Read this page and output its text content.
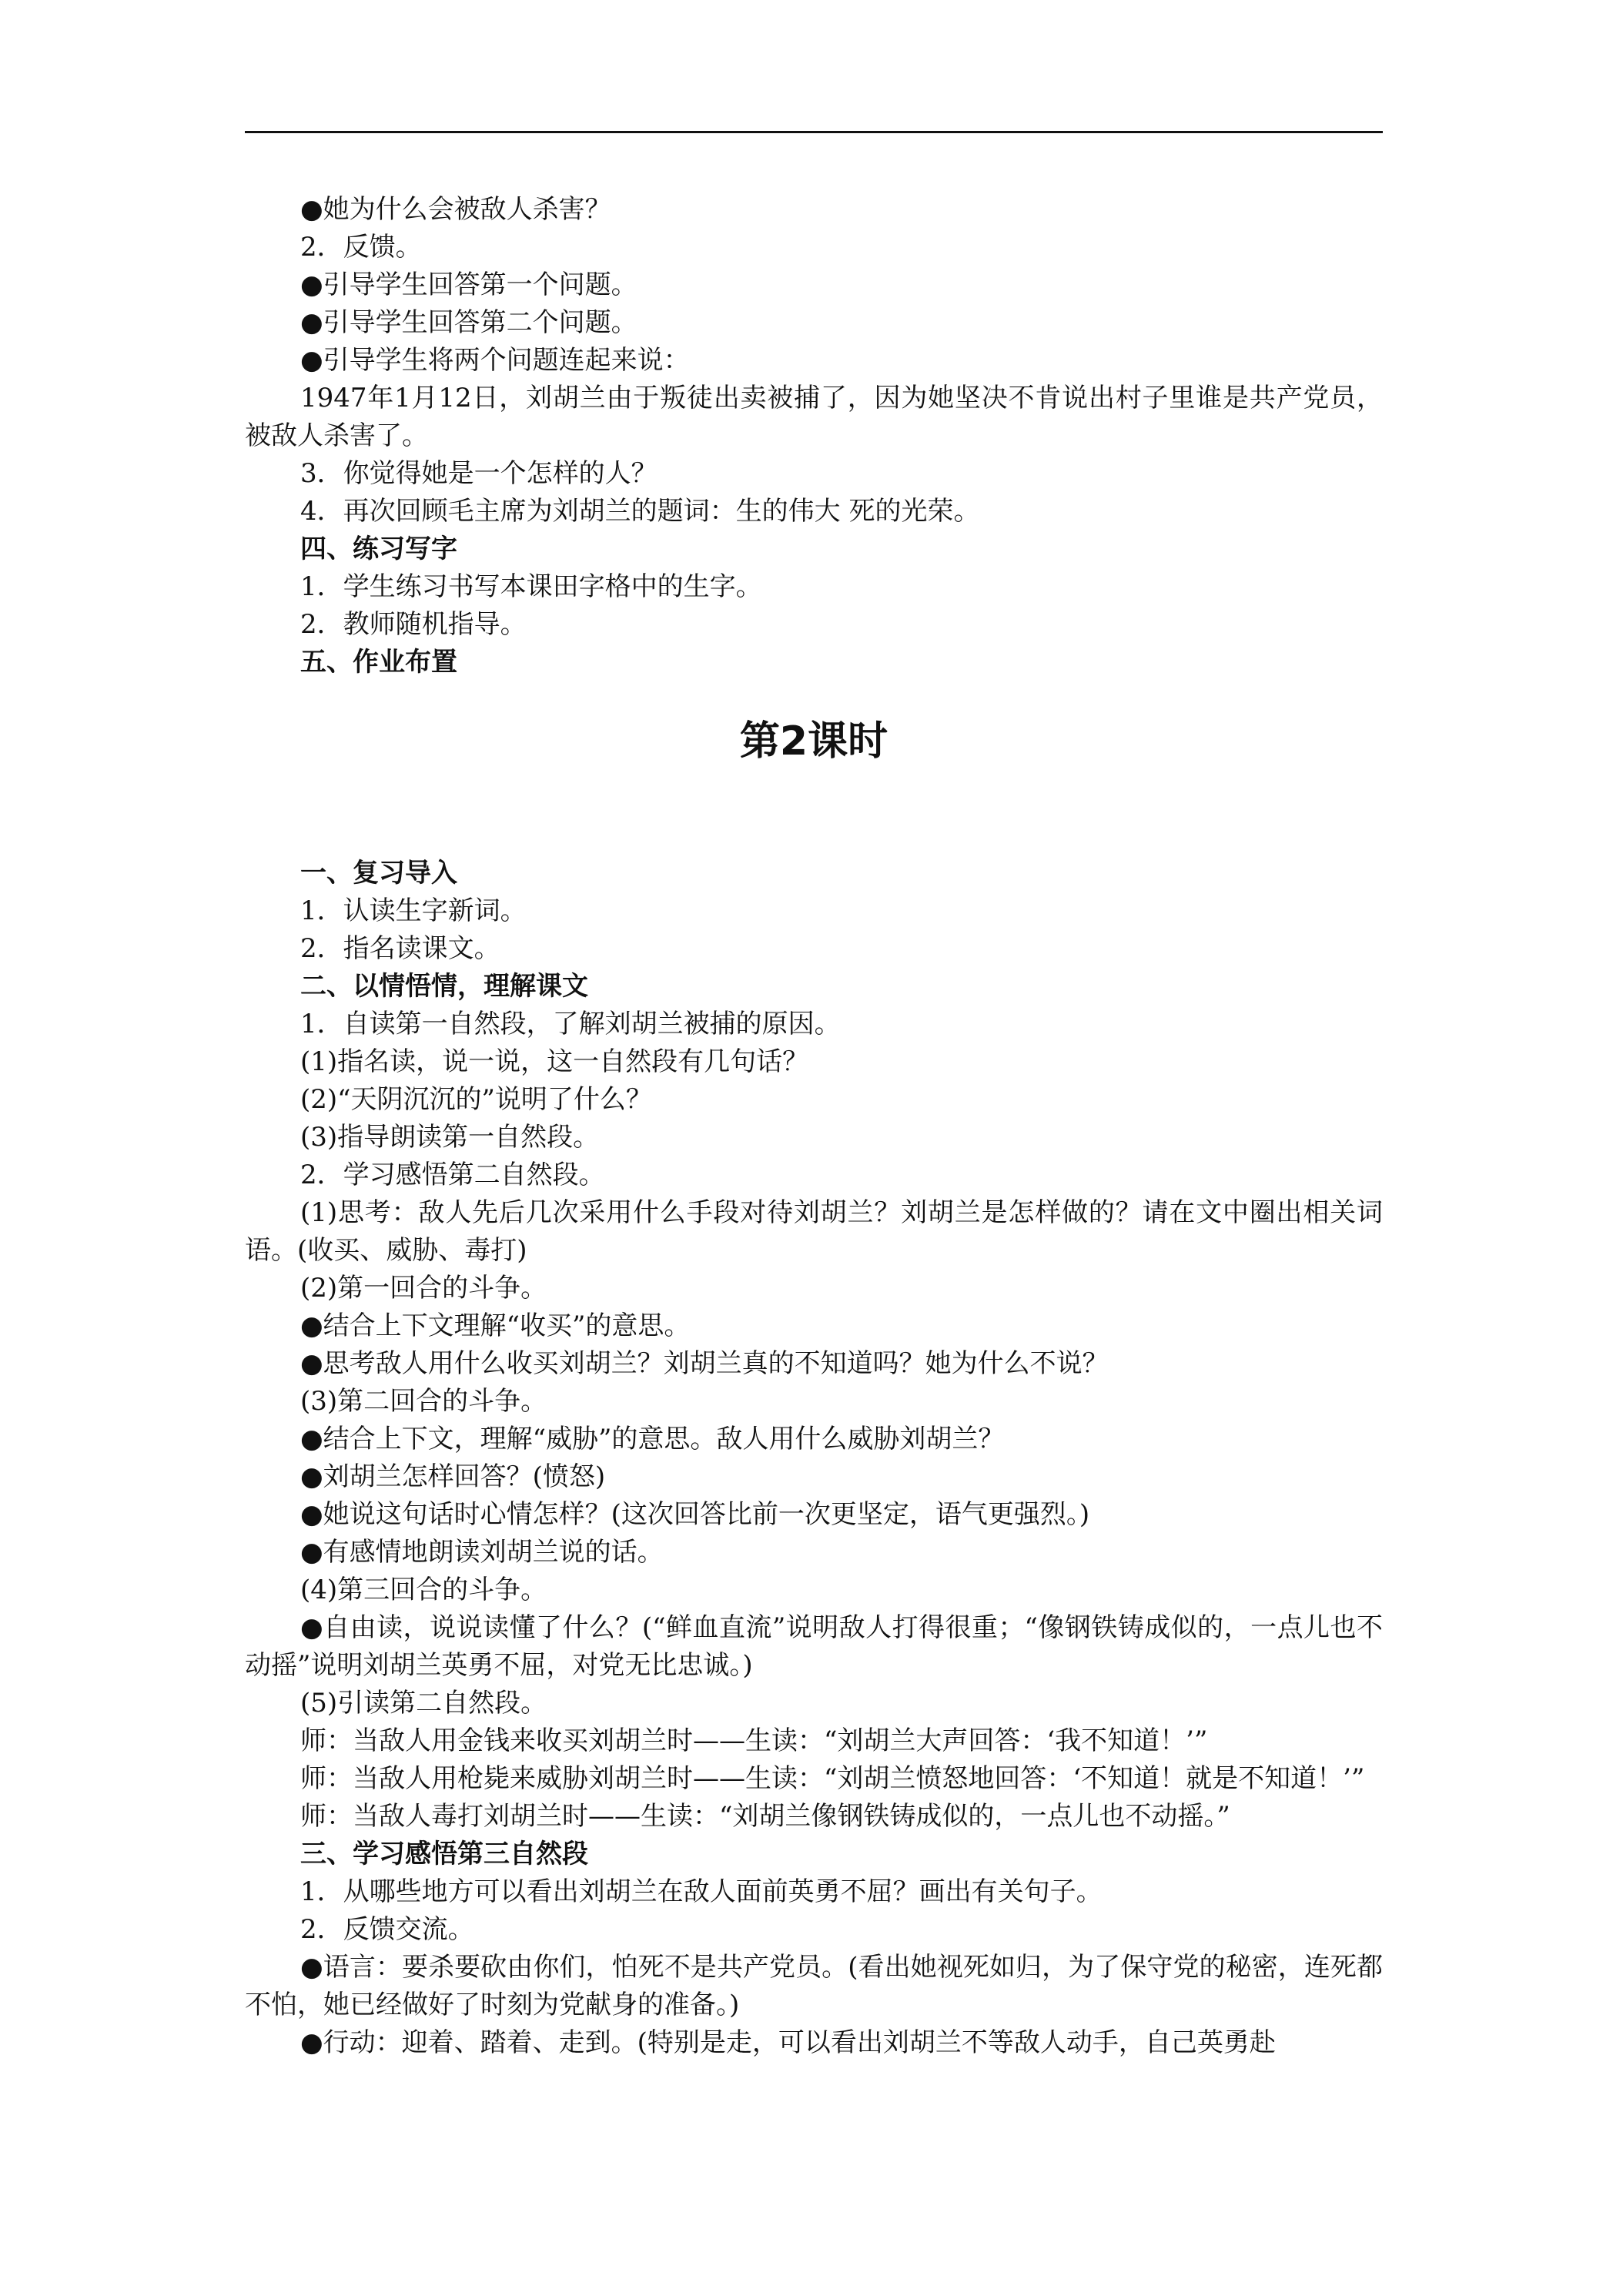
●她为什么会被敌人杀害？
2．反馈。
●引导学生回答第一个问题。
●引导学生回答第二个问题。
●引导学生将两个问题连起来说：
1947年1月12日，刘胡兰由于叛徒出卖被捕了，因为她坚决不肯说出村子里谁是共产党员，被敌人杀害了。
3．你觉得她是一个怎样的人？
4．再次回顾毛主席为刘胡兰的题词：生的伟大 死的光荣。
四、练习写字
1．学生练习书写本课田字格中的生字。
2．教师随机指导。
五、作业布置
第2课时
一、复习导入
1．认读生字新词。
2．指名读课文。
二、以情悟情，理解课文
1．自读第一自然段，了解刘胡兰被捕的原因。
(1)指名读，说一说，这一自然段有几句话？
(2)“天阴沉沉的”说明了什么？
(3)指导朗读第一自然段。
2．学习感悟第二自然段。
(1)思考：敌人先后几次采用什么手段对待刘胡兰？刘胡兰是怎样做的？请在文中圈出相关词语。(收买、威胁、毒打)
(2)第一回合的斗争。
●结合上下文理解“收买”的意思。
●思考敌人用什么收买刘胡兰？刘胡兰真的不知道吗？她为什么不说？
(3)第二回合的斗争。
●结合上下文，理解“威胁”的意思。敌人用什么威胁刘胡兰？
●刘胡兰怎样回答？(愤怒)
●她说这句话时心情怎样？(这次回答比前一次更坚定，语气更强烈。)
●有感情地朗读刘胡兰说的话。
(4)第三回合的斗争。
●自由读，说说读懂了什么？(“鲜血直流”说明敌人打得很重；“像钢铁铸成似的，一点儿也不动摇”说明刘胡兰英勇不屈，对党无比忠诚。)
(5)引读第二自然段。
师：当敌人用金钱来收买刘胡兰时——生读：“刘胡兰大声回答：‘我不知道！’”
师：当敌人用枪毙来威胁刘胡兰时——生读：“刘胡兰愤怒地回答：‘不知道！就是不知道！’”
师：当敌人毒打刘胡兰时——生读：“刘胡兰像钢铁铸成似的，一点儿也不动摇。”
三、学习感悟第三自然段
1．从哪些地方可以看出刘胡兰在敌人面前英勇不屈？画出有关句子。
2．反馈交流。
●语言：要杀要砍由你们，怕死不是共产党员。(看出她视死如归，为了保守党的秘密，连死都不怕，她已经做好了时刻为党献身的准备。)
●行动：迎着、踏着、走到。(特别是走，可以看出刘胡兰不等敌人动手，自己英勇赴
